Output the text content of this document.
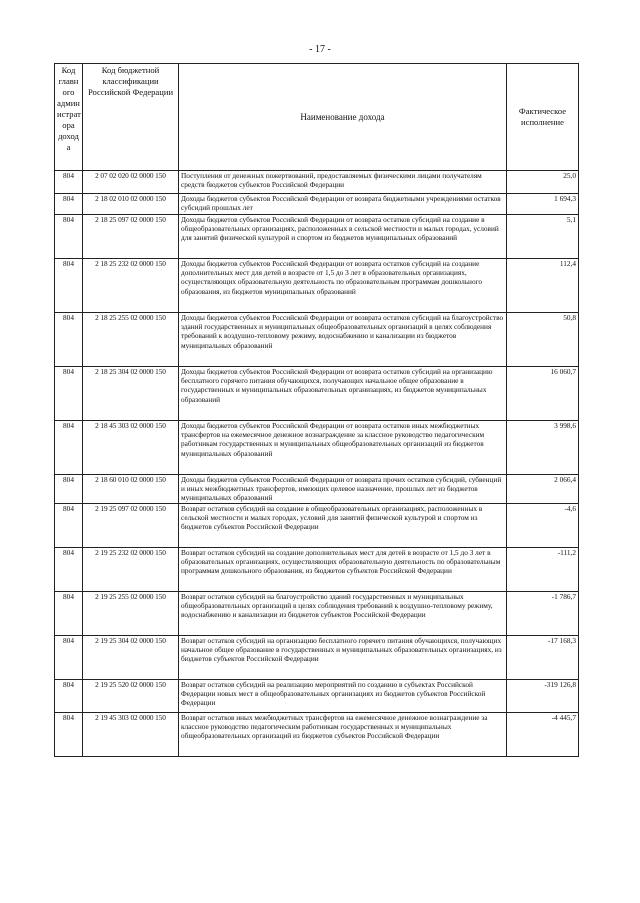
- 17 -
Код главн ого админ истрат ора доход а	Код бюджетной классификации Российской Федерации	Наименование дохода	Фактическое исполнение
804	2 07 02 020 02 0000 150	Поступления от денежных пожертвований, предоставляемых физическими лицами получателям средств бюджетов субъектов Российской Федерации	25,0
804	2 18 02 010 02 0000 150	Доходы бюджетов субъектов Российской Федерации от возврата бюджетными учреждениями остатков субсидий прошлых лет	1 694,3
804	2 18 25 097 02 0000 150	Доходы бюджетов субъектов Российской Федерации от возврата остатков субсидий на создание в общеобразовательных организациях, расположенных в сельской местности и малых городах, условий для занятий физической культурой и спортом из бюджетов муниципальных образований	5,1
804	2 18 25 232 02 0000 150	Доходы бюджетов субъектов Российской Федерации от возврата остатков субсидий на создание дополнительных мест для детей в возрасте от 1,5 до 3 лет в образовательных организациях, осуществляющих образовательную деятельность по образовательным программам дошкольного образования, из бюджетов муниципальных образований	112,4
804	2 18 25 255 02 0000 150	Доходы бюджетов субъектов Российской Федерации от возврата остатков субсидий на благоустройство зданий государственных и муниципальных общеобразовательных организаций в целях соблюдения требований к воздушно-тепловому режиму, водоснабжению и канализации из бюджетов муниципальных образований	50,8
804	2 18 25 304 02 0000 150	Доходы бюджетов субъектов Российской Федерации от возврата остатков субсидий на организацию бесплатного горячего питания обучающихся, получающих начальное общее образование в государственных и муниципальных образовательных организациях, из бюджетов муниципальных образований	16 060,7
804	2 18 45 303 02 0000 150	Доходы бюджетов субъектов Российской Федерации от возврата остатков иных межбюджетных трансфертов на ежемесячное денежное вознаграждение за классное руководство педагогическим работникам государственных и муниципальных общеобразовательных организаций из бюджетов муниципальных образований	3 998,6
804	2 18 60 010 02 0000 150	Доходы бюджетов субъектов Российской Федерации от возврата прочих остатков субсидий, субвенций и иных межбюджетных трансфертов, имеющих целевое назначение, прошлых лет из бюджетов муниципальных образований	2 066,4
804	2 19 25 097 02 0000 150	Возврат остатков субсидий на создание в общеобразовательных организациях, расположенных в сельской местности и малых городах, условий для занятий физической культурой и спортом из бюджетов субъектов Российской Федерации	-4,6
804	2 19 25 232 02 0000 150	Возврат остатков субсидий на создание дополнительных мест для детей в возрасте от 1,5 до 3 лет в образовательных организациях, осуществляющих образовательную деятельность по образовательным программам дошкольного образования, из бюджетов субъектов Российской Федерации	-111,2
804	2 19 25 255 02 0000 150	Возврат остатков субсидий на благоустройство зданий государственных и муниципальных общеобразовательных организаций в целях соблюдения требований к воздушно-тепловому режиму, водоснабжению и канализации из бюджетов субъектов Российской Федерации	-1 786,7
804	2 19 25 304 02 0000 150	Возврат остатков субсидий на организацию бесплатного горячего питания обучающихся, получающих начальное общее образование в государственных и муниципальных образовательных организациях, из бюджетов субъектов Российской Федерации	-17 168,3
804	2 19 25 520 02 0000 150	Возврат остатков субсидий на реализацию мероприятий по созданию в субъектах Российской Федерации новых мест в общеобразовательных организациях из бюджетов субъектов Российской Федерации	-319 126,8
804	2 19 45 303 02 0000 150	Возврат остатков иных межбюджетных трансфертов на ежемесячное денежное вознаграждение за классное руководство педагогическим работникам государственных и муниципальных общеобразовательных организаций из бюджетов субъектов Российской Федерации	-4 445,7
